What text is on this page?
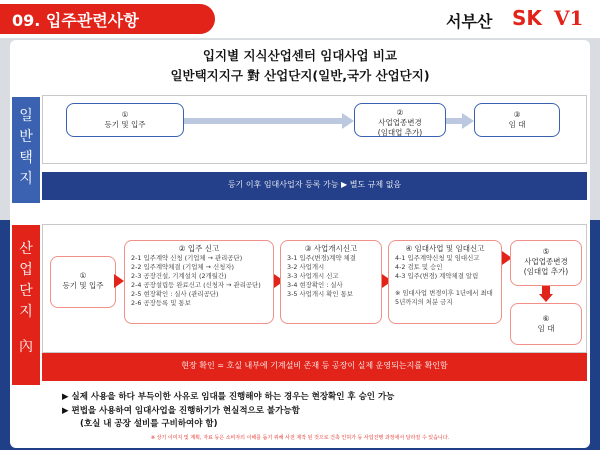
09. 입주관련사항	서부산 SK V1
입지별 지식산업센터 임대사업 비교
일반택지지구 對 산업단지(일반,국가 산업단지)
일반택지
①
등기 및 입주
②
사업업종변경
(임대업 추가)
③
임 대
등기 이후 임대사업자 등록 가능 ▶ 별도 규제 없음
산업단지
內
①
등기 및 입주
② 입주 신고
2-1 입주계약 신청 (기업체 → 관리공단)
2-2 입주계약체결 (기업체 → 신청자)
2-3 공장건설, 기계설치 (2개월간)
2-4 공장설립등 완료신고 (신청자 → 관리공단)
2-5 현장확인 : 실사 (관리공단)
2-6 공장등록 및 통보
③ 사업개시신고
3-1 입주(변경)계약 체결
3-2 사업개시
3-3 사업개시 신고
3-4 현장확인 : 실사
3-5 사업개시 확인 통보
④ 임대사업 및 임대신고
4-1 입주계약신청 및 임대신고
4-2 검토 및 승인
4-3 입주(변경) 계약체결 알림
※ 임대사업 변경이후 1년에서 최대 5년까지의 처분 금지
⑤
사업업종변경
(임대업 추가)
⑥
임 대
현장 확인 = 호실 내부에 기계설비 존재 등 공장이 실제 운영되는지를 확인함
▶ 실제 사용을 하다 부득이한 사유로 임대를 진행해야 하는 경우는 현장확인 후 승인 가능
▶ 편법을 사용하여 임대사업을 진행하기가 현실적으로 불가능함
(호실 내 공장 설비를 구비하여야 함)
※ 상기 이미지 및 계획, 자료 등은 소비자의 이해를 돕기 위해 사전 제작 된 것으로 건축 인허가 등 사업진행 과정에서 달라질 수 있습니다.
